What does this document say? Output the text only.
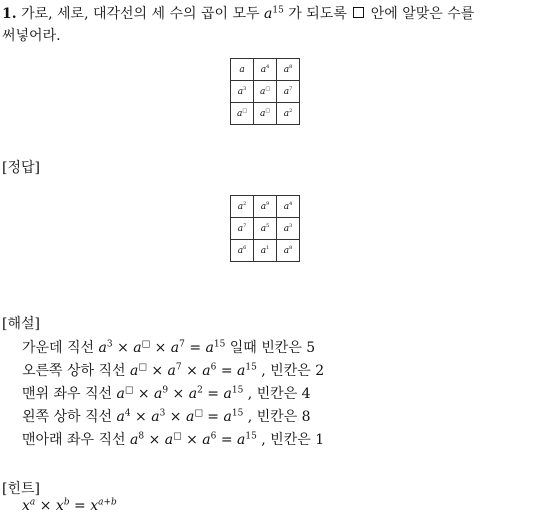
1. 가로, 세로, 대각선의 세 수의 곱이 모두 $a^{15}$ 가 되도록 안에 알맞은 수를
써넣어라.
a	$a^4$	$a^8$
$a^3$	a□	$a^7$
a□	a□	$a^2$
[정답]
$a^2$	$a^9$	$a^4$
$a^7$	$a^5$	$a^3$
$a^6$	$a^1$	$a^8$
[해설]
가운데 직선 $a^3 \times a^□ \times a^7 = a^{15}$ 일때 빈칸은 5
오른쪽 상하 직선 $a^□ \times a^7 \times a^6 = a^{15}$ , 빈칸은 2
맨위 좌우 직선 $a^□ \times a^9 \times a^2 = a^{15}$ , 빈칸은 4
왼쪽 상하 직선 $a^4 \times a^3 \times a^□ = a^{15}$ , 빈칸은 8
맨아래 좌우 직선 $a^8 \times a^□ \times a^6 = a^{15}$ , 빈칸은 1
[힌트]
$x^a \times x^b = x^{a+b}$
